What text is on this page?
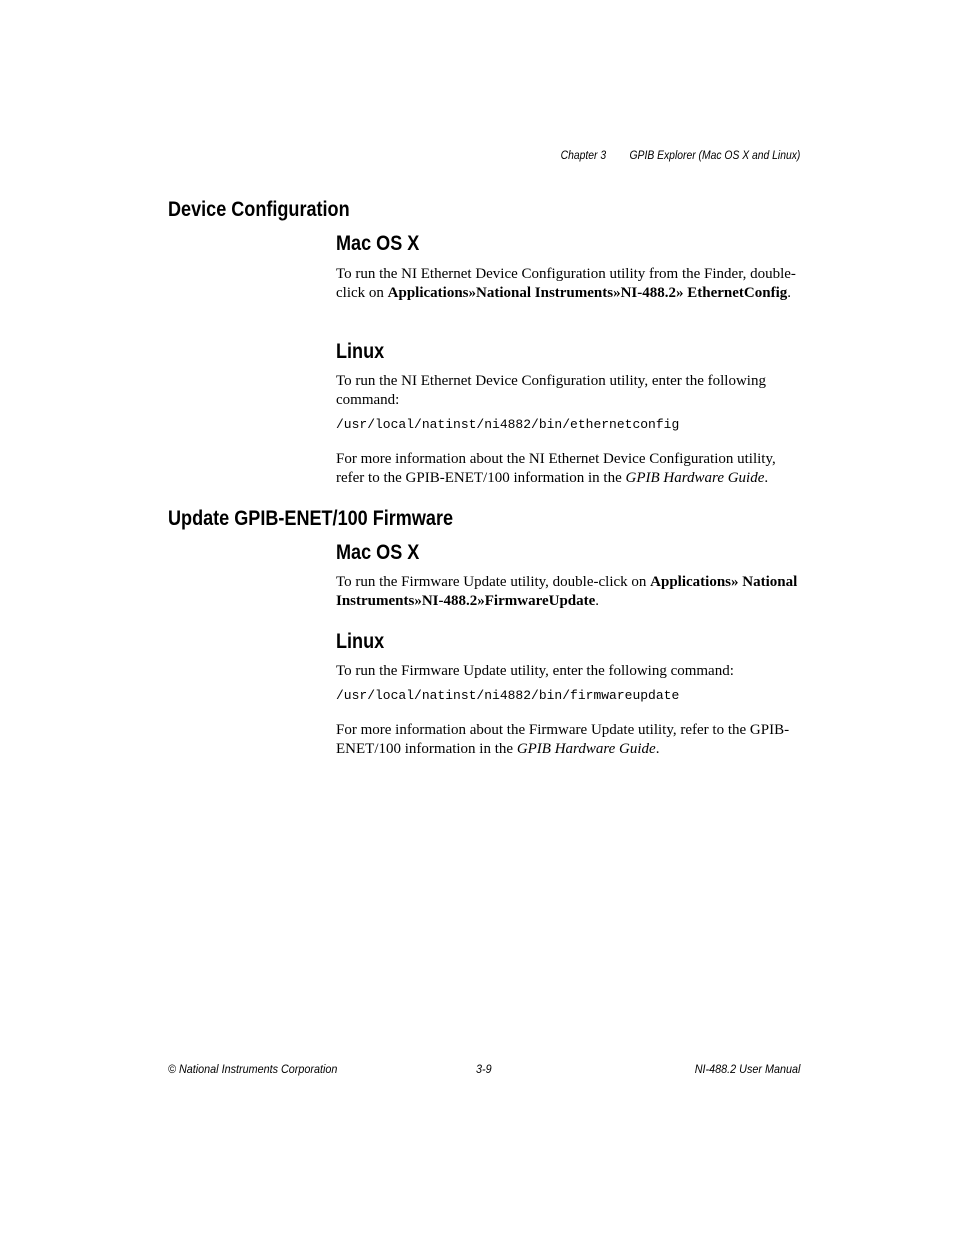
Chapter 3 GPIB Explorer (Mac OS X and Linux)
Device Configuration
Mac OS X

To run the NI Ethernet Device Configuration utility from the Finder, double-click on Applications»National Instruments»NI-488.2» EthernetConfig.

Linux

To run the NI Ethernet Device Configuration utility, enter the following command:

/usr/local/natinst/ni4882/bin/ethernetconfig

For more information about the NI Ethernet Device Configuration utility, refer to the GPIB-ENET/100 information in the GPIB Hardware Guide.

Update GPIB-ENET/100 Firmware
Mac OS X

To run the Firmware Update utility, double-click on Applications» National Instruments»NI-488.2»FirmwareUpdate.

Linux

To run the Firmware Update utility, enter the following command:

/usr/local/natinst/ni4882/bin/firmwareupdate

For more information about the Firmware Update utility, refer to the GPIB-ENET/100 information in the GPIB Hardware Guide.

© National Instruments Corporation	3-9	NI-488.2 User Manual
